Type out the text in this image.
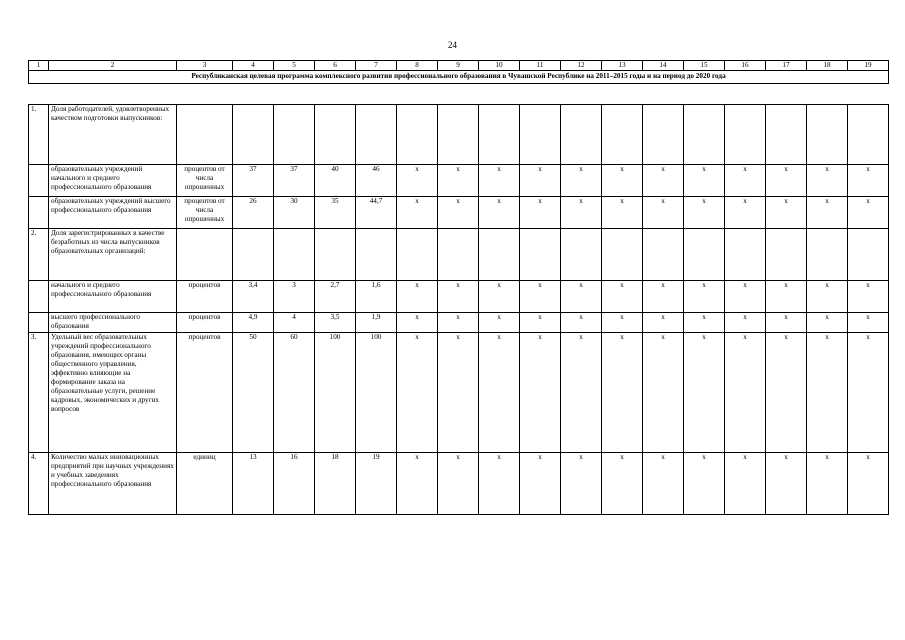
24
1	2	3	4	5	6	7	8	9	10	11	12	13	14	15	16	17	18	19
Республиканская целевая программа комплексного развития профессионального образования в Чувашской Республике на 2011–2015 годы и на период до 2020 года																		

1.	Доля работодателей, удовлетворенных качеством подготовки выпускников:																	
	образовательных учреждений начального и среднего профессионального образования	процентов от числа опрошенных	37	37	40	46	x	x	x	x	x	x	x	x	x	x	x	x
	образовательных учреждений высшего профессионального образования	процентов от числа опрошенных	26	30	35	44,7	x	x	x	x	x	x	x	x	x	x	x	x
2.	Доля зарегистрированных в качестве безработных из числа выпускников образовательных организаций:																	
	начального и среднего профессионального образования	процентов	3,4	3	2,7	1,6	x	x	x	x	x	x	x	x	x	x	x	x
	высшего профессионального образования	процентов	4,9	4	3,5	1,9	x	x	x	x	x	x	x	x	x	x	x	x
3.	Удельный вес образовательных учреждений профессионального образования, имеющих органы общественного управления, эффективно влияющие на формирование заказа на образовательные услуги, решение кадровых, экономических и других вопросов	процентов	50	60	100	100	x	x	x	x	x	x	x	x	x	x	x	x
4.	Количество малых инновационных предприятий при научных учреждениях и учебных заведениях профессионального образования	единиц	13	16	18	19	x	x	x	x	x	x	x	x	x	x	x	x
